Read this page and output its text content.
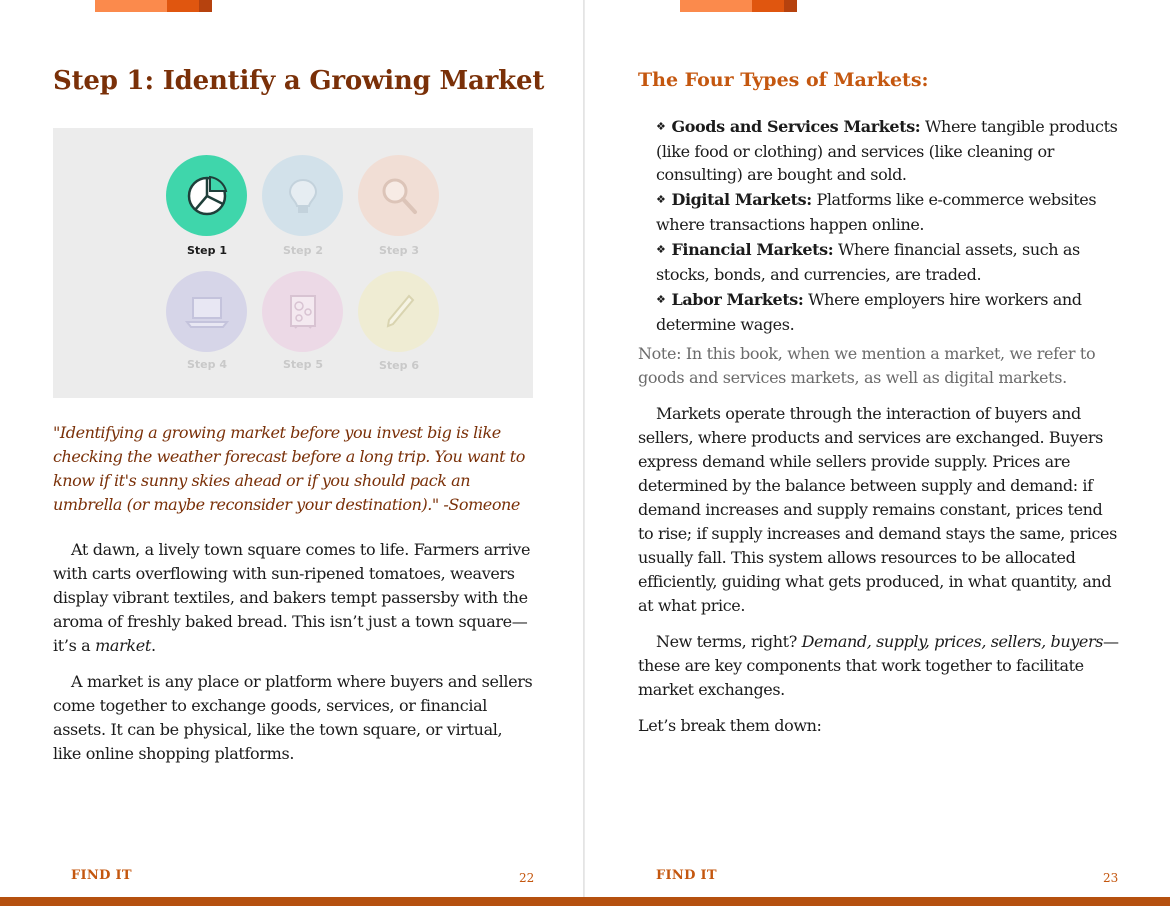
Step 1: Identify a Growing Market
Step 1	Step 2	Step 3
Step 4	Step 5	Step 6

"Identifying a growing market before you invest big is like checking the weather forecast before a long trip. You want to know if it's sunny skies ahead or if you should pack an umbrella (or maybe reconsider your destination)." -Someone

At dawn, a lively town square comes to life. Farmers arrive with carts overflowing with sun-ripened tomatoes, weavers display vibrant textiles, and bakers tempt passersby with the aroma of freshly baked bread. This isn’t just a town square—it’s a market.

A market is any place or platform where buyers and sellers come together to exchange goods, services, or financial assets. It can be physical, like the town square, or virtual, like online shopping platforms.

FIND IT	22

The Four Types of Markets:
❖ Goods and Services Markets: Where tangible products (like food or clothing) and services (like cleaning or consulting) are bought and sold.
❖ Digital Markets: Platforms like e-commerce websites where transactions happen online.
❖ Financial Markets: Where financial assets, such as stocks, bonds, and currencies, are traded.
❖ Labor Markets: Where employers hire workers and determine wages.

Note: In this book, when we mention a market, we refer to goods and services markets, as well as digital markets.

Markets operate through the interaction of buyers and sellers, where products and services are exchanged. Buyers express demand while sellers provide supply. Prices are determined by the balance between supply and demand: if demand increases and supply remains constant, prices tend to rise; if supply increases and demand stays the same, prices usually fall. This system allows resources to be allocated efficiently, guiding what gets produced, in what quantity, and at what price.

New terms, right? Demand, supply, prices, sellers, buyers—these are key components that work together to facilitate market exchanges.

Let’s break them down:

FIND IT	23
